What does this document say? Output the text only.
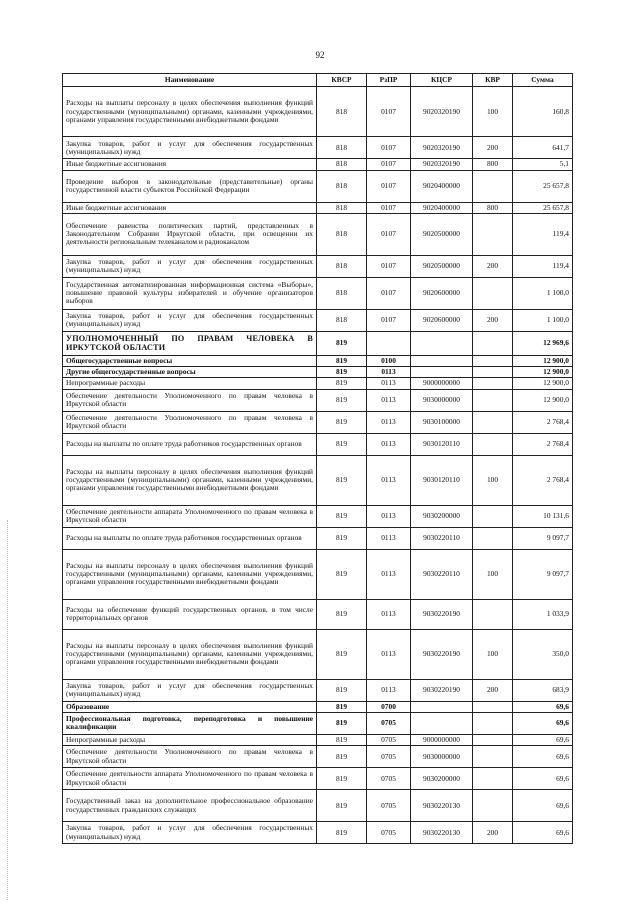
92
Наименование	КВСР	РзПР	КЦСР	КВР	Сумма
Расходы на выплаты персоналу в целях обеспечения выполнения функций государственными (муниципальными) органами, казенными учреждениями, органами управления государственными внебюджетными фондами	818	0107	9020320190	100	160,8
Закупка товаров, работ и услуг для обеспечения государственных (муниципальных) нужд	818	0107	9020320190	200	641,7
Иные бюджетные ассигнования	818	0107	9020320190	800	5,1
Проведение выборов в законодательные (представительные) органы государственной власти субъектов Российской Федерации	818	0107	9020400000		25 657,8
Иные бюджетные ассигнования	818	0107	9020400000	800	25 657,8
Обеспечение равенства политических партий, представленных в Законодательном Собрании Иркутской области, при освещении их деятельности региональным телеканалом и радиоканалом	818	0107	9020500000		119,4
Закупка товаров, работ и услуг для обеспечения государственных (муниципальных) нужд	818	0107	9020500000	200	119,4
Государственная автоматизированная информационная система «Выборы», повышение правовой культуры избирателей и обучение организаторов выборов	818	0107	9020600000		1 100,0
Закупка товаров, работ и услуг для обеспечения государственных (муниципальных) нужд	818	0107	9020600000	200	1 100,0
УПОЛНОМОЧЕННЫЙ ПО ПРАВАМ ЧЕЛОВЕКА В ИРКУТСКОЙ ОБЛАСТИ	819				12 969,6
Общегосударственные вопросы	819	0100			12 900,0
Другие общегосударственные вопросы	819	0113			12 900,0
Непрограммные расходы	819	0113	9000000000		12 900,0
Обеспечение деятельности Уполномоченного по правам человека в Иркутской области	819	0113	9030000000		12 900,0
Обеспечение деятельности Уполномоченного по правам человека в Иркутской области	819	0113	9030100000		2 768,4
Расходы на выплаты по оплате труда работников государственных органов	819	0113	9030120110		2 768,4
Расходы на выплаты персоналу в целях обеспечения выполнения функций государственными (муниципальными) органами, казенными учреждениями, органами управления государственными внебюджетными фондами	819	0113	9030120110	100	2 768,4
Обеспечение деятельности аппарата Уполномоченного по правам человека в Иркутской области	819	0113	9030200000		10 131,6
Расходы на выплаты по оплате труда работников государственных органов	819	0113	9030220110		9 097,7
Расходы на выплаты персоналу в целях обеспечения выполнения функций государственными (муниципальными) органами, казенными учреждениями, органами управления государственными внебюджетными фондами	819	0113	9030220110	100	9 097,7
Расходы на обеспечение функций государственных органов, в том числе территориальных органов	819	0113	9030220190		1 033,9
Расходы на выплаты персоналу в целях обеспечения выполнения функций государственными (муниципальными) органами, казенными учреждениями, органами управления государственными внебюджетными фондами	819	0113	9030220190	100	350,0
Закупка товаров, работ и услуг для обеспечения государственных (муниципальных) нужд	819	0113	9030220190	200	683,9
Образование	819	0700			69,6
Профессиональная подготовка, переподготовка и повышение квалификации	819	0705			69,6
Непрограммные расходы	819	0705	9000000000		69,6
Обеспечение деятельности Уполномоченного по правам человека в Иркутской области	819	0705	9030000000		69,6
Обеспечение деятельности аппарата Уполномоченного по правам человека в Иркутской области	819	0705	9030200000		69,6
Государственный заказ на дополнительное профессиональное образование государственных гражданских служащих	819	0705	9030220130		69,6
Закупка товаров, работ и услуг для обеспечения государственных (муниципальных) нужд	819	0705	9030220130	200	69,6
